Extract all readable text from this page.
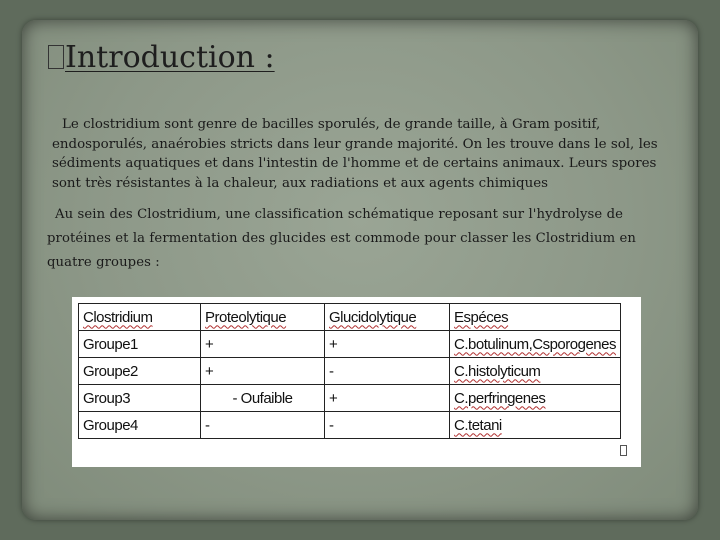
Introduction :
Le clostridium sont genre de bacilles sporulés, de grande taille, à Gram positif, endosporulés, anaérobies stricts dans leur grande majorité. On les trouve dans le sol, les sédiments aquatiques et dans l'intestin de l'homme et de certains animaux. Leurs spores sont très résistantes à la chaleur, aux radiations et aux agents chimiques
Au sein des Clostridium, une classification schématique reposant sur l'hydrolyse de protéines et la fermentation des glucides est commode pour classer les Clostridium en quatre groupes :
Clostridium	Proteolytique	Glucidolytique	Espéces
Groupe1	+	+	C.botulinum,Csporogenes
Groupe2	+	-	C.histolyticum
Group3	- Oufaible	+	C.perfringenes
Groupe4	-	-	C.tetani
